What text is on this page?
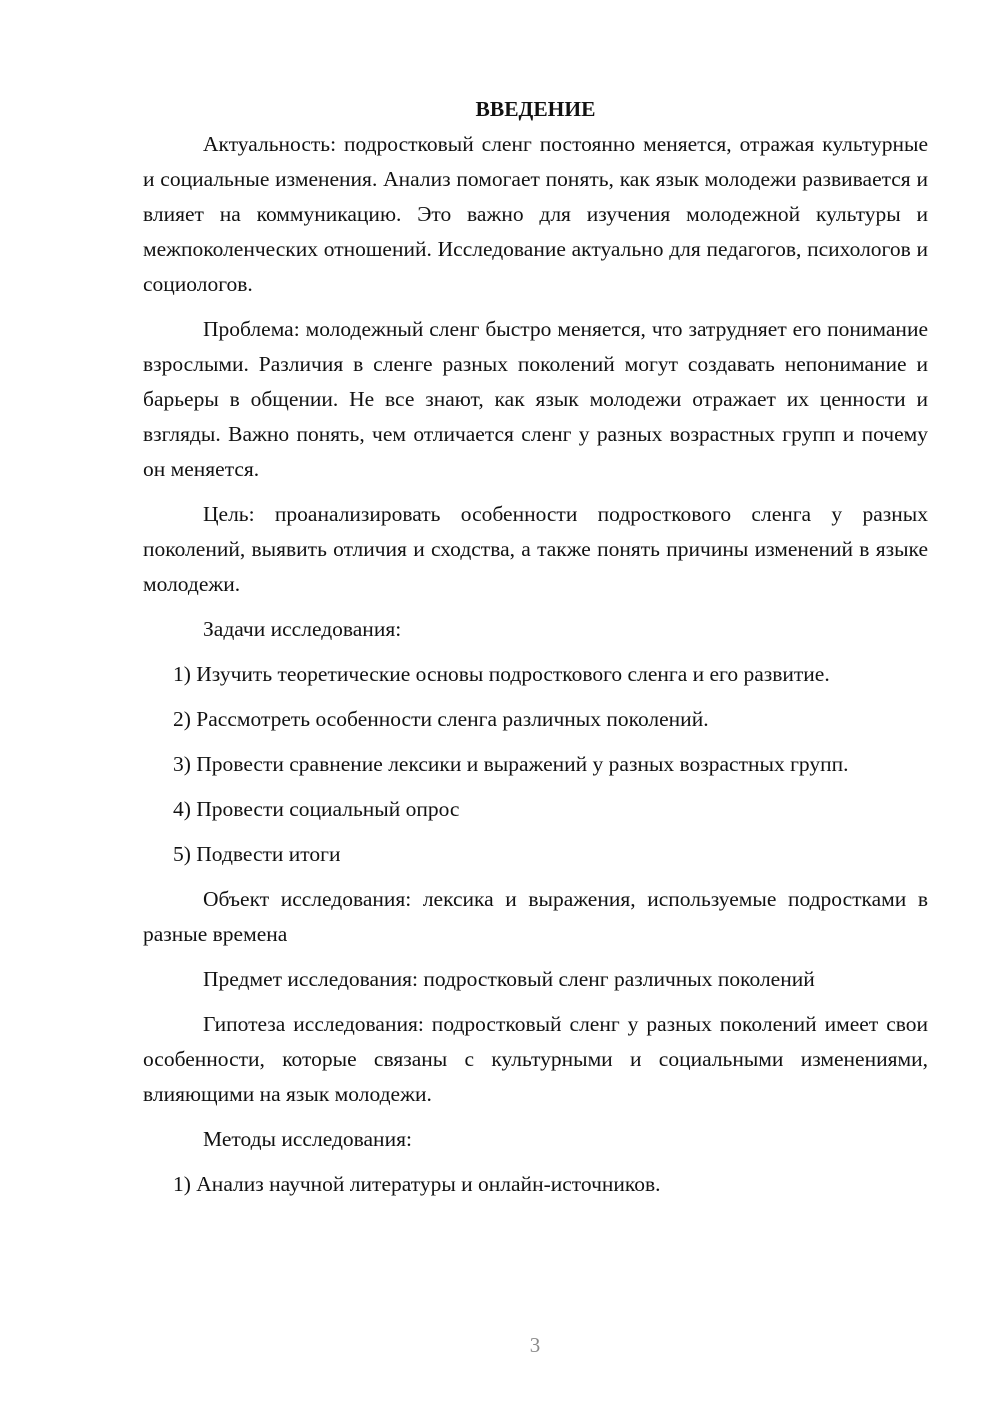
ВВЕДЕНИЕ

Актуальность: подростковый сленг постоянно меняется, отражая культурные и социальные изменения. Анализ помогает понять, как язык молодежи развивается и влияет на коммуникацию. Это важно для изучения молодежной культуры и межпоколенческих отношений. Исследование актуально для педагогов, психологов и социологов.

Проблема: молодежный сленг быстро меняется, что затрудняет его понимание взрослыми. Различия в сленге разных поколений могут создавать непонимание и барьеры в общении. Не все знают, как язык молодежи отражает их ценности и взгляды. Важно понять, чем отличается сленг у разных возрастных групп и почему он меняется.

Цель: проанализировать особенности подросткового сленга у разных поколений, выявить отличия и сходства, а также понять причины изменений в языке молодежи.

Задачи исследования:

1) Изучить теоретические основы подросткового сленга и его развитие.

2) Рассмотреть особенности сленга различных поколений.

3) Провести сравнение лексики и выражений у разных возрастных групп.

4) Провести социальный опрос

5) Подвести итоги

Объект исследования: лексика и выражения, используемые подростками в разные времена

Предмет исследования: подростковый сленг различных поколений

Гипотеза исследования: подростковый сленг у разных поколений имеет свои особенности, которые связаны с культурными и социальными изменениями, влияющими на язык молодежи.

Методы исследования:

1) Анализ научной литературы и онлайн-источников.

3
